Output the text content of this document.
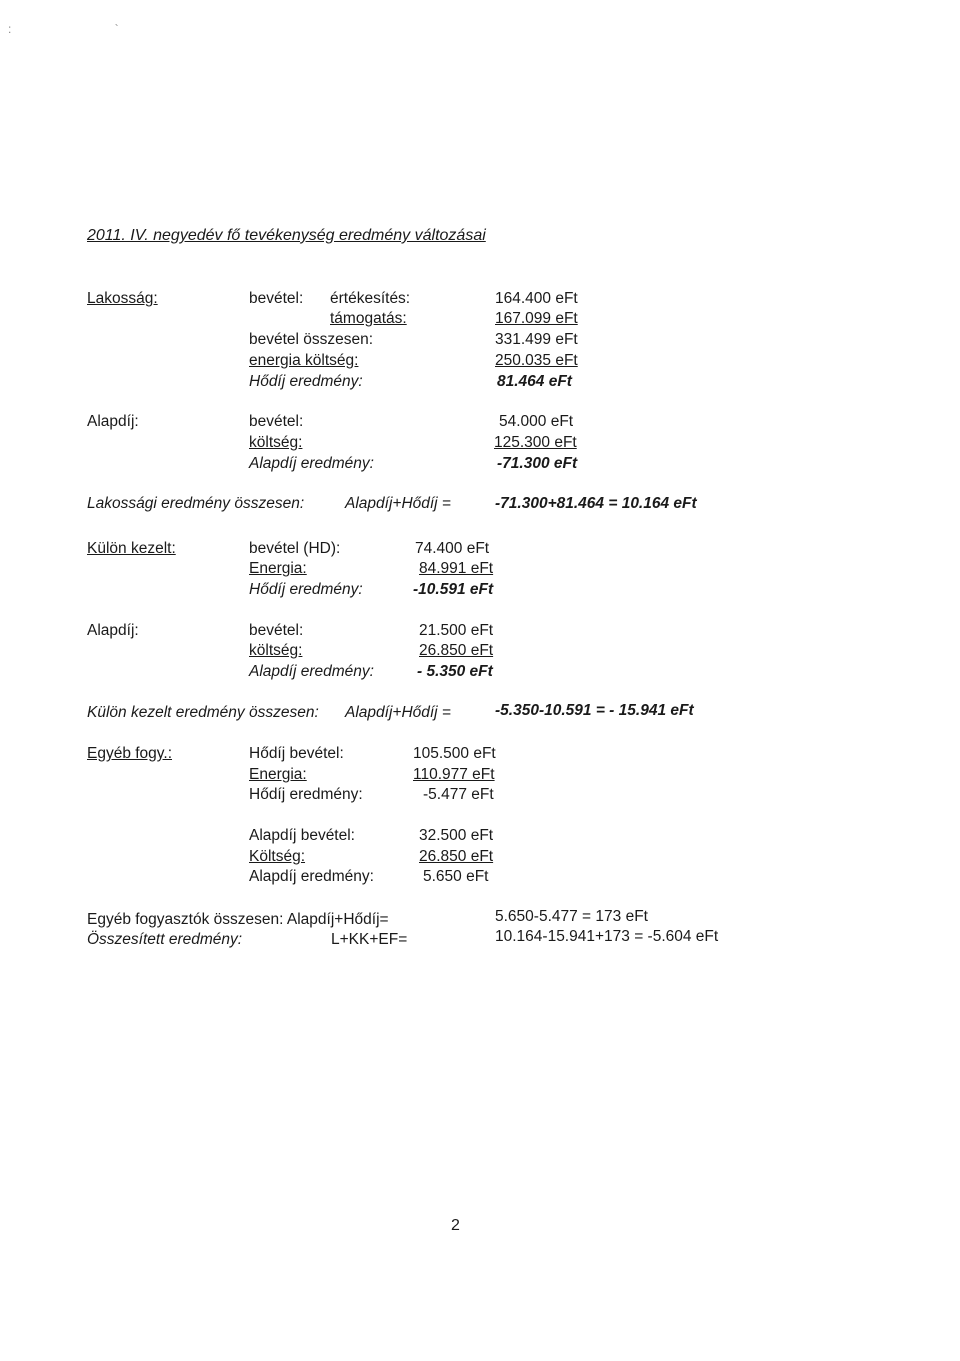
: `
2011. IV. negyedév fő tevékenység eredmény változásai
Lakosság:	bevétel: értékesítés:	164.400 eFt
támogatás:	167.099 eFt
bevétel összesen:	331.499 eFt
energia költség:	250.035 eFt
Hődíj eredmény:	81.464 eFt
Alapdíj:	bevétel:	54.000 eFt
költség:	125.300 eFt
Alapdíj eredmény:	-71.300 eFt
Lakossági eredmény összesen:	Alapdíj+Hődíj =	-71.300+81.464 = 10.164 eFt
Külön kezelt:	bevétel (HD):	74.400 eFt
Energia:	84.991 eFt
Hődíj eredmény:	-10.591 eFt
Alapdíj:	bevétel:	21.500 eFt
költség:	26.850 eFt
Alapdíj eredmény:	- 5.350 eFt
Külön kezelt eredmény összesen: Alapdíj+Hődíj =	-5.350-10.591 = - 15.941 eFt
Egyéb fogy.:	Hődíj bevétel:	105.500 eFt
Energia:	110.977 eFt
Hődíj eredmény:	-5.477 eFt
Alapdíj bevétel:	32.500 eFt
Költség:	26.850 eFt
Alapdíj eredmény:	5.650 eFt
Egyéb fogyasztók összesen: Alapdíj+Hődíj=	5.650-5.477 = 173 eFt
Összesített eredmény:	L+KK+EF=	10.164-15.941+173 = -5.604 eFt
2
